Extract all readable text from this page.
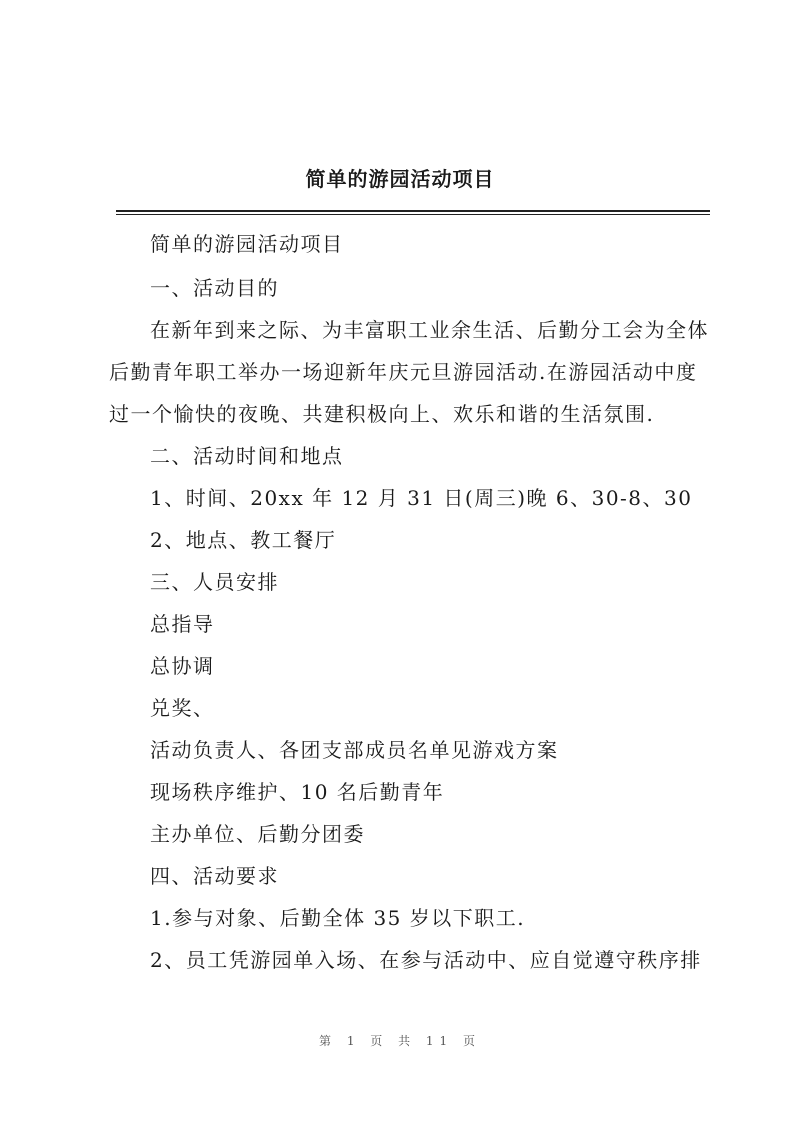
简单的游园活动项目
简单的游园活动项目
一、活动目的
在新年到来之际、为丰富职工业余生活、后勤分工会为全体
后勤青年职工举办一场迎新年庆元旦游园活动.在游园活动中度
过一个愉快的夜晚、共建积极向上、欢乐和谐的生活氛围.
二、活动时间和地点
1、时间、20xx 年 12 月 31 日(周三)晚 6、30-8、30
2、地点、教工餐厅
三、人员安排
总指导
总协调
兑奖、
活动负责人、各团支部成员名单见游戏方案
现场秩序维护、10 名后勤青年
主办单位、后勤分团委
四、活动要求
1.参与对象、后勤全体 35 岁以下职工.
2、员工凭游园单入场、在参与活动中、应自觉遵守秩序排
第 1 页 共 11 页
